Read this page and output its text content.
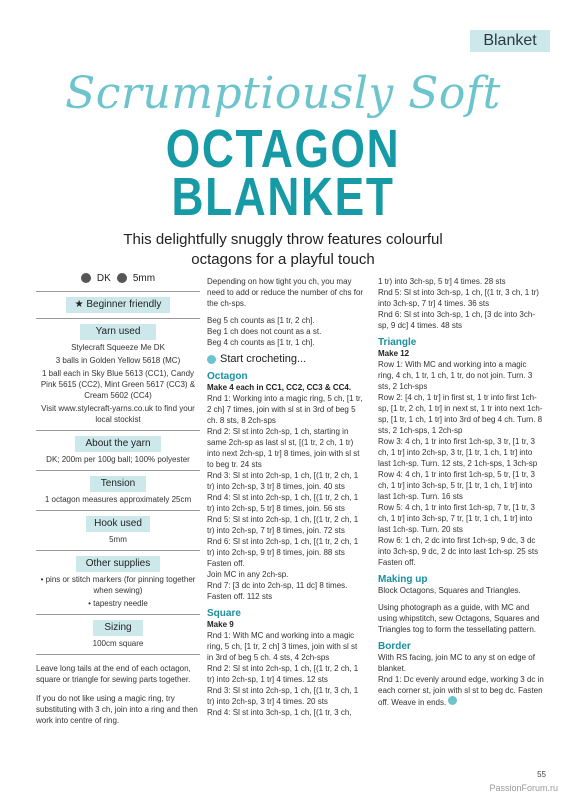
Blanket
Scrumptiously Soft
OCTAGON
BLANKET
This delightfully snuggly throw features colourful octagons for a playful touch
DK 5mm
★ Beginner friendly
Yarn used

Stylecraft Squeeze Me DK

3 balls in Golden Yellow 5618 (MC)

1 ball each in Sky Blue 5613 (CC1), Candy Pink 5615 (CC2), Mint Green 5617 (CC3) & Cream 5602 (CC4)

Visit www.stylecraft-yarns.co.uk to find your local stockist

About the yarn

DK; 200m per 100g ball; 100% polyester

Tension

1 octagon measures approximately 25cm

Hook used

5mm

Other supplies

• pins or stitch markers (for pinning together when sewing)

• tapestry needle

Sizing

100cm square

Leave long tails at the end of each octagon, square or triangle for sewing parts together.

If you do not like using a magic ring, try substituting with 3 ch, join into a ring and then work into centre of ring.

Depending on how tight you ch, you may need to add or reduce the number of chs for the ch-sps.

Beg 5 ch counts as [1 tr, 2 ch].

Beg 1 ch does not count as a st.

Beg 4 ch counts as [1 tr, 1 ch].

Start crocheting...

Octagon

Make 4 each in CC1, CC2, CC3 & CC4.

Rnd 1: Working into a magic ring, 5 ch, [1 tr, 2 ch] 7 times, join with sl st in 3rd of beg 5 ch. 8 sts, 8 2ch-sps

Rnd 2: Sl st into 2ch-sp, 1 ch, starting in same 2ch-sp as last sl st, [(1 tr, 2 ch, 1 tr) into next 2ch-sp, 1 tr] 8 times, join with sl st to beg tr. 24 sts

Rnd 3: Sl st into 2ch-sp, 1 ch, [(1 tr, 2 ch, 1 tr) into 2ch-sp, 3 tr] 8 times, join. 40 sts

Rnd 4: Sl st into 2ch-sp, 1 ch, [(1 tr, 2 ch, 1 tr) into 2ch-sp, 5 tr] 8 times, join. 56 sts

Rnd 5: Sl st into 2ch-sp, 1 ch, [(1 tr, 2 ch, 1 tr) into 2ch-sp, 7 tr] 8 times, join. 72 sts

Rnd 6: Sl st into 2ch-sp, 1 ch, [(1 tr, 2 ch, 1 tr) into 2ch-sp, 9 tr] 8 times, join. 88 sts

Fasten off.

Join MC in any 2ch-sp.

Rnd 7: [3 dc into 2ch-sp, 11 dc] 8 times. Fasten off. 112 sts

Square

Make 9

Rnd 1: With MC and working into a magic ring, 5 ch, [1 tr, 2 ch] 3 times, join with sl st in 3rd of beg 5 ch. 4 sts, 4 2ch-sps

Rnd 2: Sl st into 2ch-sp, 1 ch, [(1 tr, 2 ch, 1 tr) into 2ch-sp, 1 tr] 4 times. 12 sts

Rnd 3: Sl st into 2ch-sp, 1 ch, [(1 tr, 3 ch, 1 tr) into 2ch-sp, 3 tr] 4 times. 20 sts

Rnd 4: Sl st into 3ch-sp, 1 ch, [(1 tr, 3 ch,

1 tr) into 3ch-sp, 5 tr] 4 times. 28 sts

Rnd 5: Sl st into 3ch-sp, 1 ch, [(1 tr, 3 ch, 1 tr) into 3ch-sp, 7 tr] 4 times. 36 sts

Rnd 6: Sl st into 3ch-sp, 1 ch, [3 dc into 3ch-sp, 9 dc] 4 times. 48 sts

Triangle

Make 12

Row 1: With MC and working into a magic ring, 4 ch, 1 tr, 1 ch, 1 tr, do not join. Turn. 3 sts, 2 1ch-sps

Row 2: [4 ch, 1 tr] in first st, 1 tr into first 1ch-sp, [1 tr, 2 ch, 1 tr] in next st, 1 tr into next 1ch-sp, [1 tr, 1 ch, 1 tr] into 3rd of beg 4 ch. Turn. 8 sts, 2 1ch-sps, 1 2ch-sp

Row 3: 4 ch, 1 tr into first 1ch-sp, 3 tr, [1 tr, 3 ch, 1 tr] into 2ch-sp, 3 tr, [1 tr, 1 ch, 1 tr] into last 1ch-sp. Turn. 12 sts, 2 1ch-sps, 1 3ch-sp

Row 4: 4 ch, 1 tr into first 1ch-sp, 5 tr, [1 tr, 3 ch, 1 tr] into 3ch-sp, 5 tr, [1 tr, 1 ch, 1 tr] into last 1ch-sp. Turn. 16 sts

Row 5: 4 ch, 1 tr into first 1ch-sp, 7 tr, [1 tr, 3 ch, 1 tr] into 3ch-sp, 7 tr, [1 tr, 1 ch, 1 tr] into last 1ch-sp. Turn. 20 sts

Row 6: 1 ch, 2 dc into first 1ch-sp, 9 dc, 3 dc into 3ch-sp, 9 dc, 2 dc into last 1ch-sp. 25 sts

Fasten off.

Making up

Block Octagons, Squares and Triangles.

Using photograph as a guide, with MC and using whipstitch, sew Octagons, Squares and Triangles tog to form the tessellating pattern.

Border

With RS facing, join MC to any st on edge of blanket.

Rnd 1: Dc evenly around edge, working 3 dc in each corner st, join with sl st to beg dc. Fasten off. Weave in ends.

55
PassionForum.ru
